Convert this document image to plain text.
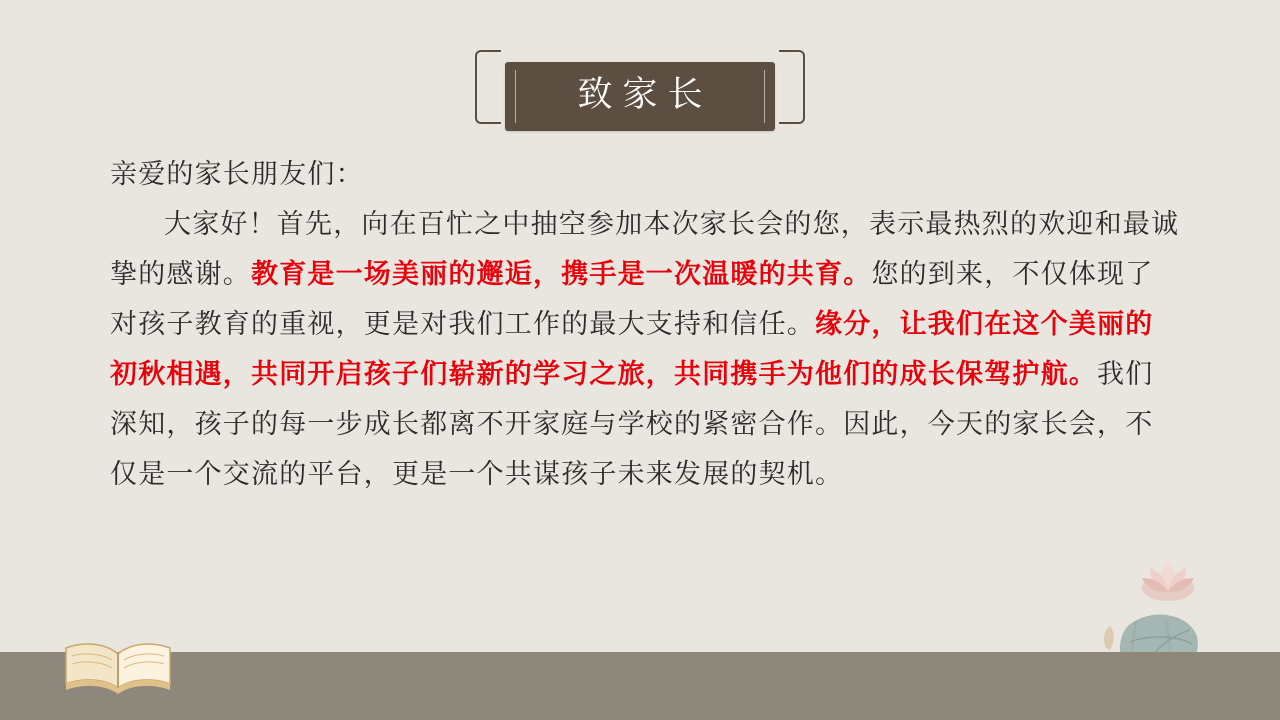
致家长

亲爱的家长朋友们：

大家好！首先，向在百忙之中抽空参加本次家长会的您，表示最热烈的欢迎和最诚挚的感谢。教育是一场美丽的邂逅，携手是一次温暖的共育。您的到来，不仅体现了对孩子教育的重视，更是对我们工作的最大支持和信任。缘分，让我们在这个美丽的初秋相遇，共同开启孩子们崭新的学习之旅，共同携手为他们的成长保驾护航。我们深知，孩子的每一步成长都离不开家庭与学校的紧密合作。因此，今天的家长会，不仅是一个交流的平台，更是一个共谋孩子未来发展的契机。
